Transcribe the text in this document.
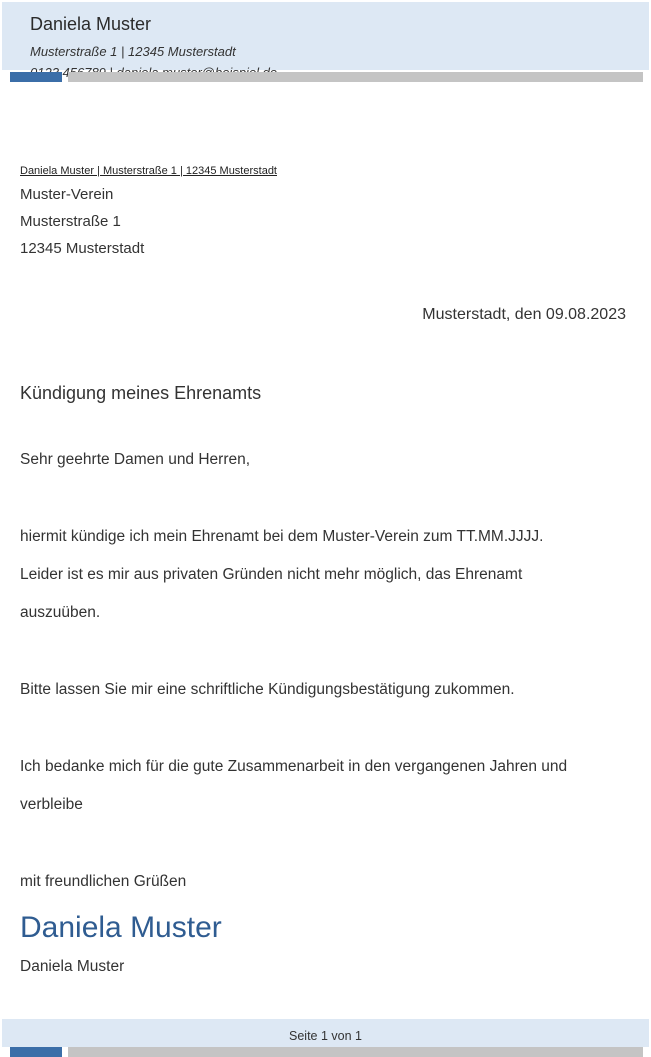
Daniela Muster
Musterstraße 1 | 12345 Musterstadt
Daniela Muster | Musterstraße 1 | 12345 Musterstadt
Muster-Verein
Musterstraße 1
12345 Musterstadt
Musterstadt, den 09.08.2023
Kündigung meines Ehrenamts
Sehr geehrte Damen und Herren,
hiermit kündige ich mein Ehrenamt bei dem Muster-Verein zum TT.MM.JJJJ.
Leider ist es mir aus privaten Gründen nicht mehr möglich, das Ehrenamt
auszuüben.
Bitte lassen Sie mir eine schriftliche Kündigungsbestätigung zukommen.
Ich bedanke mich für die gute Zusammenarbeit in den vergangenen Jahren und
verbleibe
mit freundlichen Grüßen
Daniela Muster
Daniela Muster
Seite 1 von 1
